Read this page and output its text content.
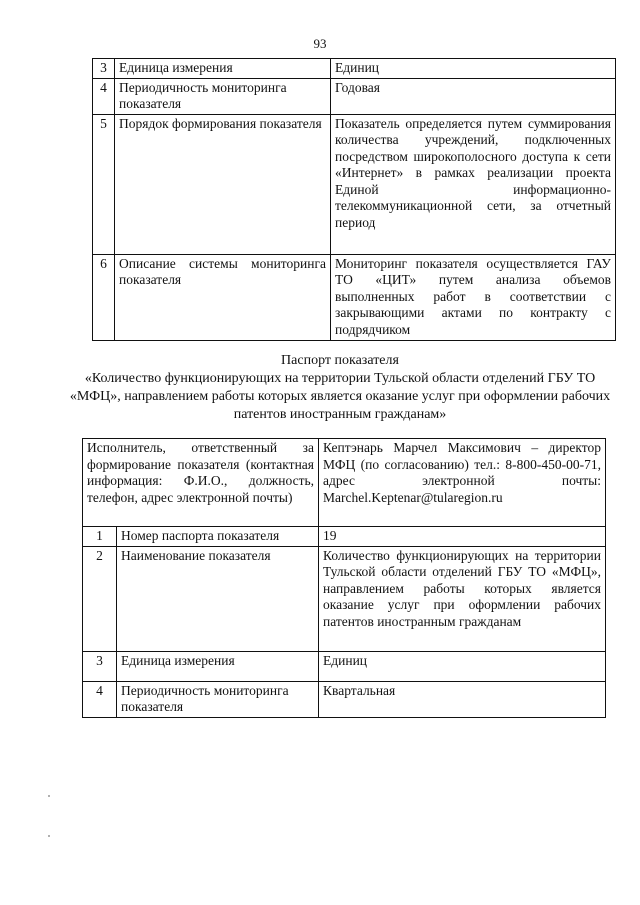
93
3	Единица измерения	Единиц
4	Периодичность мониторинга показателя	Годовая
5	Порядок формирования показателя	Показатель определяется путем суммирования количества учреждений, подключенных посредством широкополосного доступа к сети «Интернет» в рамках реализации проекта Единой информационно-телекоммуникационной сети, за отчетный период
6	Описание системы мониторинга показателя	Мониторинг показателя осуществляется ГАУ ТО «ЦИТ» путем анализа объемов выполненных работ в соответствии с закрывающими актами по контракту с подрядчиком
Паспорт показателя
«Количество функционирующих на территории Тульской области отделений ГБУ ТО «МФЦ», направлением работы которых является оказание услуг при оформлении рабочих патентов иностранным гражданам»
Исполнитель, ответственный за формирование показателя (контактная информация: Ф.И.О., должность, телефон, адрес электронной почты)		Кептэнарь Марчел Максимович – директор МФЦ (по согласованию) тел.: 8-800-450-00-71, адрес электронной почты: Marchel.Keptenar@tularegion.ru
1	Номер паспорта показателя	19
2	Наименование показателя	Количество функционирующих на территории Тульской области отделений ГБУ ТО «МФЦ», направлением работы которых является оказание услуг при оформлении рабочих патентов иностранным гражданам
3	Единица измерения	Единиц
4	Периодичность мониторинга показателя	Квартальная
